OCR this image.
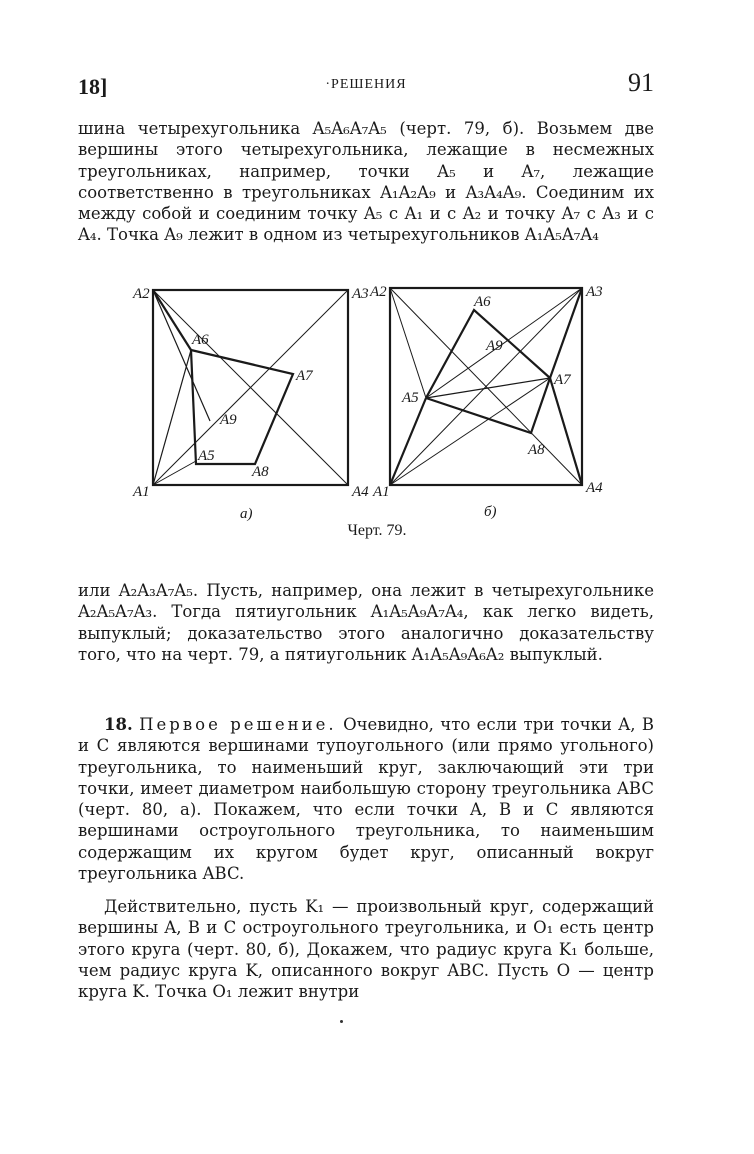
18]	·РЕШЕНИЯ	91
шина четырехугольника A₅A₆A₇A₅ (черт. 79, б). Возьмем две вершины этого четырехугольника, лежащие в несмежных треугольниках, например, точки A₅ и A₇, лежащие соответственно в треугольниках A₁A₂A₉ и A₃A₄A₉. Соединим их между собой и соединим точку A₅ с A₁ и с A₂ и точку A₇ с A₃ и с A₄. Точка A₉ лежит в одном из четырехугольников A₁A₅A₇A₄
A2	A3
A1	A4
A6
A7
A9
A5
A8
а)
A2	A3
A1	A4
A6
A9
A7
A5
A8
б)
Черт. 79.
или A₂A₃A₇A₅. Пусть, например, она лежит в четырехугольнике A₂A₅A₇A₃. Тогда пятиугольник A₁A₅A₉A₇A₄, как легко видеть, выпуклый; доказательство этого аналогично доказательству того, что на черт. 79, а пятиугольник A₁A₅A₉A₆A₂ выпуклый.
18. Первое решение. Очевидно, что если три точки A, B и C являются вершинами тупоугольного (или прямо угольного) треугольника, то наименьший круг, заключающий эти три точки, имеет диаметром наибольшую сторону треугольника ABC (черт. 80, а). Покажем, что если точки A, B и C являются вершинами остроугольного треугольника, то наименьшим содержащим их кругом будет круг, описанный вокруг треугольника ABC.
Действительно, пусть K₁ — произвольный круг, содержащий вершины A, B и C остроугольного треугольника, и O₁ есть центр этого круга (черт. 80, б), Докажем, что радиус круга K₁ больше, чем радиус круга K, описанного вокруг ABC. Пусть O — центр круга K. Точка O₁ лежит внутри
